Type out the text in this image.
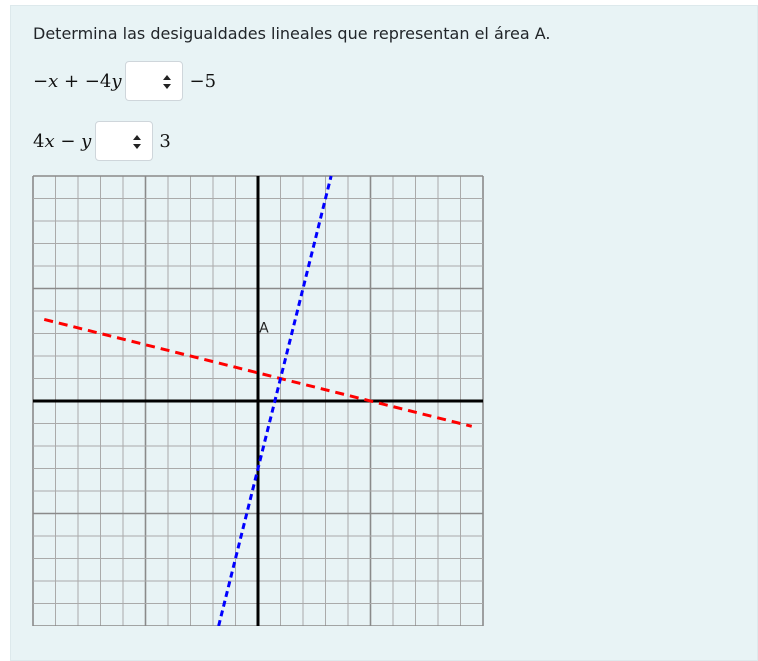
Determina las desigualdades lineales que representan el área A.
−x + −4y	−5
4x − y	3
A
